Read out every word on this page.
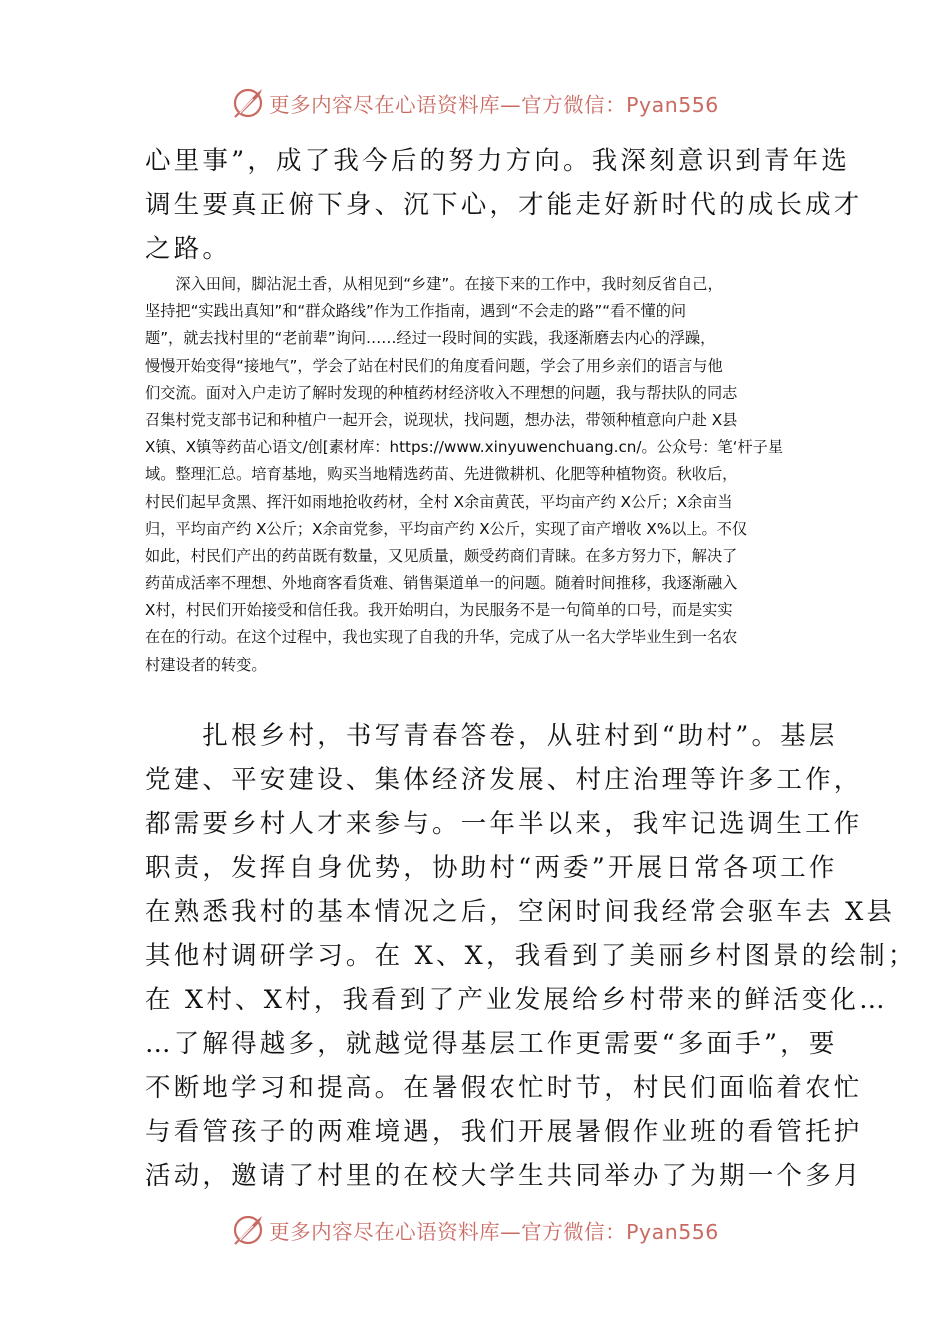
更多内容尽在心语资料库—官方微信：Pyan556
心里事”，成了我今后的努力方向。我深刻意识到青年选
调生要真正俯下身、沉下心，才能走好新时代的成长成才
之路。
　　深入田间，脚沾泥土香，从相见到“乡建”。在接下来的工作中，我时刻反省自己，
坚持把“实践出真知”和“群众路线”作为工作指南，遇到“不会走的路”“看不懂的问
题”，就去找村里的“老前辈”询问……经过一段时间的实践，我逐渐磨去内心的浮躁，
慢慢开始变得“接地气”，学会了站在村民们的角度看问题，学会了用乡亲们的语言与他
们交流。面对入户走访了解时发现的种植药材经济收入不理想的问题，我与帮扶队的同志
召集村党支部书记和种植户一起开会，说现状，找问题，想办法，带领种植意向户赴 X县
X镇、X镇等药苗心语文/创[素材库：https://www.xinyuwenchuang.cn/。公众号：笔‘杆子星
域。整理汇总。培育基地，购买当地精选药苗、先进微耕机、化肥等种植物资。秋收后，
村民们起早贪黑、挥汗如雨地抢收药材，全村 X余亩黄芪，平均亩产约 X公斤；X余亩当
归，平均亩产约 X公斤；X余亩党参，平均亩产约 X公斤，实现了亩产增收 X%以上。不仅
如此，村民们产出的药苗既有数量，又见质量，颇受药商们青睐。在多方努力下，解决了
药苗成活率不理想、外地商客看货难、销售渠道单一的问题。随着时间推移，我逐渐融入
X村，村民们开始接受和信任我。我开始明白，为民服务不是一句简单的口号，而是实实
在在的行动。在这个过程中，我也实现了自我的升华，完成了从一名大学毕业生到一名农
村建设者的转变。
　　扎根乡村，书写青春答卷，从驻村到“助村”。基层
党建、平安建设、集体经济发展、村庄治理等许多工作，
都需要乡村人才来参与。一年半以来，我牢记选调生工作
职责，发挥自身优势，协助村“两委”开展日常各项工作
在熟悉我村的基本情况之后，空闲时间我经常会驱车去 X县
其他村调研学习。在 X、X，我看到了美丽乡村图景的绘制；
在 X村、X村，我看到了产业发展给乡村带来的鲜活变化…
…了解得越多，就越觉得基层工作更需要“多面手”，要
不断地学习和提高。在暑假农忙时节，村民们面临着农忙
与看管孩子的两难境遇，我们开展暑假作业班的看管托护
活动，邀请了村里的在校大学生共同举办了为期一个多月
更多内容尽在心语资料库—官方微信：Pyan556
